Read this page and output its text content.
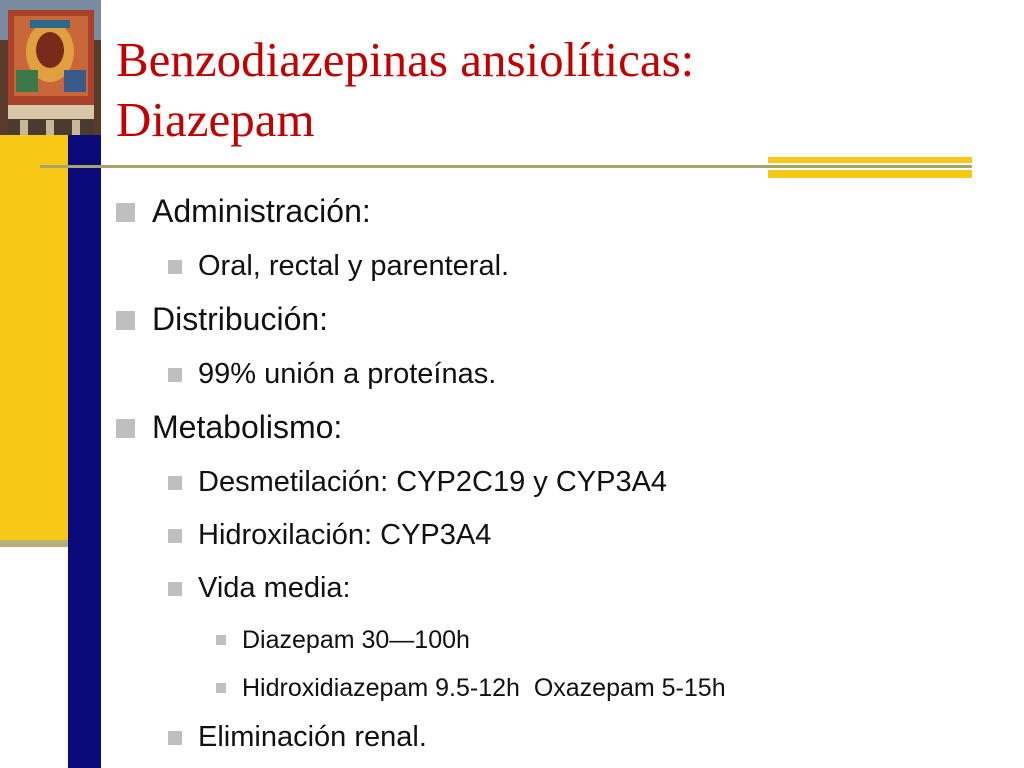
Benzodiazepinas ansiolíticas:
Diazepam
Administración:
Oral, rectal y parenteral.
Distribución:
99% unión a proteínas.
Metabolismo:
Desmetilación: CYP2C19 y CYP3A4
Hidroxilación: CYP3A4
Vida media:
Diazepam 30—100h
Hidroxidiazepam 9.5-12h  Oxazepam 5-15h
Eliminación renal.
